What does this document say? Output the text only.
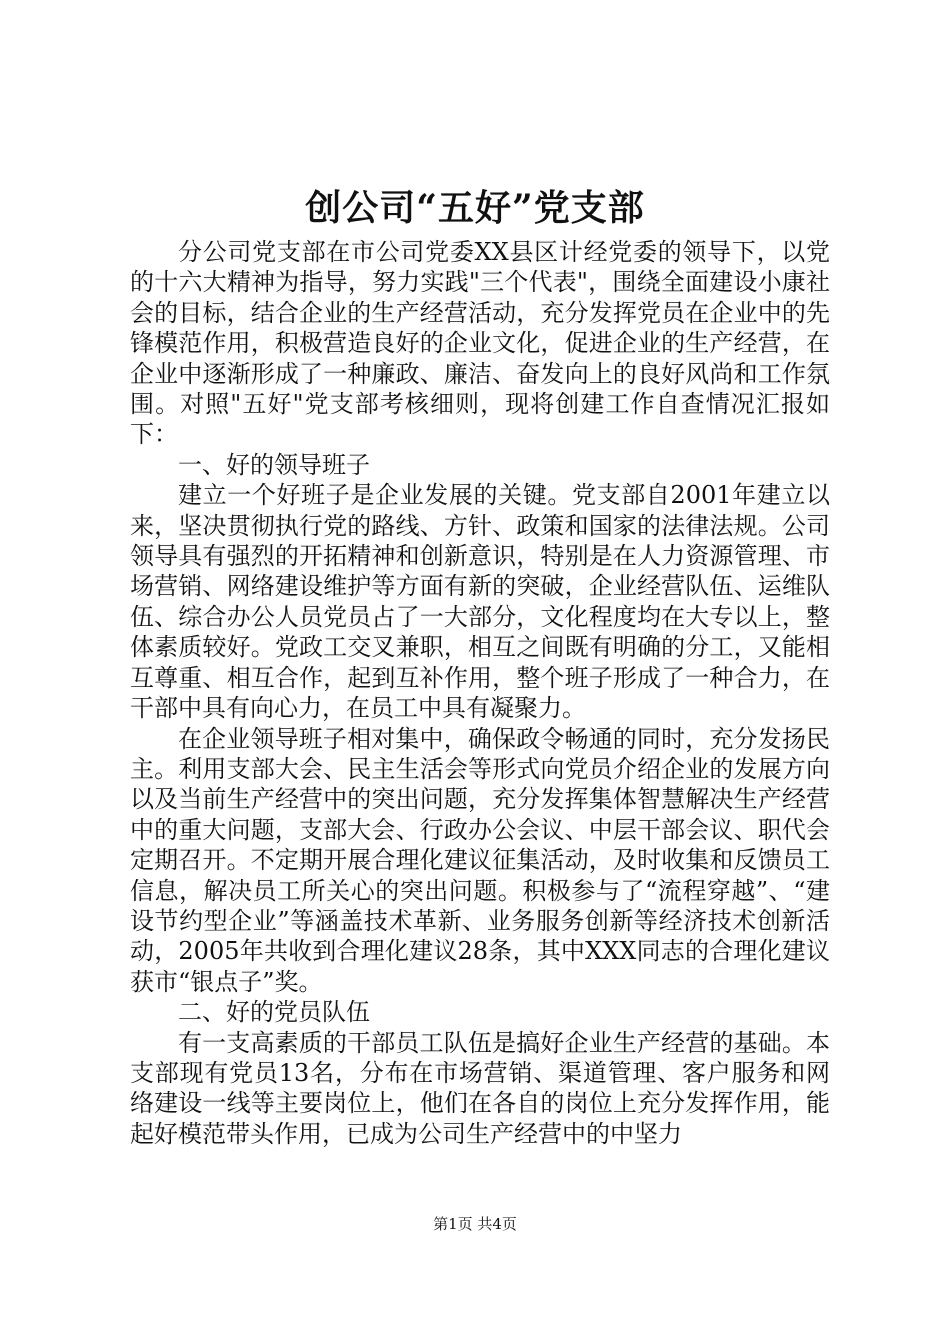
创公司“五好”党支部

分公司党支部在市公司党委XX县区计经党委的领导下，以党的十六大精神为指导，努力实践"三个代表"，围绕全面建设小康社会的目标，结合企业的生产经营活动，充分发挥党员在企业中的先锋模范作用，积极营造良好的企业文化，促进企业的生产经营，在企业中逐渐形成了一种廉政、廉洁、奋发向上的良好风尚和工作氛围。对照"五好"党支部考核细则，现将创建工作自查情况汇报如下：

一、好的领导班子

建立一个好班子是企业发展的关键。党支部自2001年建立以来，坚决贯彻执行党的路线、方针、政策和国家的法律法规。公司领导具有强烈的开拓精神和创新意识，特别是在人力资源管理、市场营销、网络建设维护等方面有新的突破，企业经营队伍、运维队伍、综合办公人员党员占了一大部分，文化程度均在大专以上，整体素质较好。党政工交叉兼职，相互之间既有明确的分工，又能相互尊重、相互合作，起到互补作用，整个班子形成了一种合力，在干部中具有向心力，在员工中具有凝聚力。

在企业领导班子相对集中，确保政令畅通的同时，充分发扬民主。利用支部大会、民主生活会等形式向党员介绍企业的发展方向以及当前生产经营中的突出问题，充分发挥集体智慧解决生产经营中的重大问题，支部大会、行政办公会议、中层干部会议、职代会定期召开。不定期开展合理化建议征集活动，及时收集和反馈员工信息，解决员工所关心的突出问题。积极参与了“流程穿越”、“建设节约型企业”等涵盖技术革新、业务服务创新等经济技术创新活动，2005年共收到合理化建议28条，其中XXX同志的合理化建议获市“银点子”奖。

二、好的党员队伍

有一支高素质的干部员工队伍是搞好企业生产经营的基础。本支部现有党员13名，分布在市场营销、渠道管理、客户服务和网络建设一线等主要岗位上，他们在各自的岗位上充分发挥作用，能起好模范带头作用，已成为公司生产经营中的中坚力

第1页 共4页
